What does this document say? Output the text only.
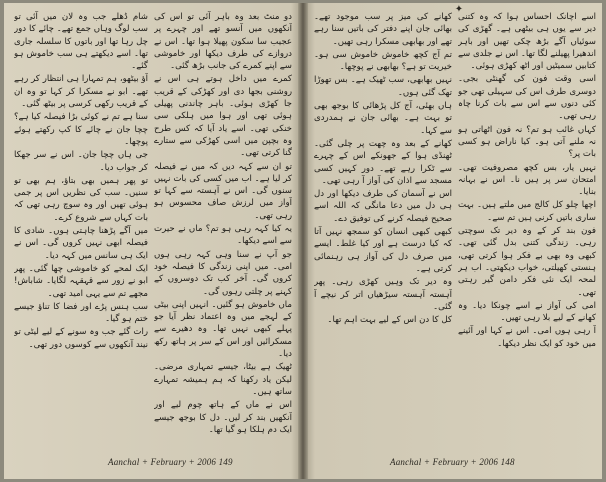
دو منٹ بعد وہ باہر آئی تو اس کی آنکھوں میں آنسو تھے اور چہرے پر عجیب سا سکون پھیلا ہوا تھا۔ اس نے دروازے کی طرف دیکھا اور خاموشی سے اپنے کمرے کی جانب بڑھ گئی۔

کمرے میں داخل ہوتے ہی اس نے روشنی بجھا دی اور کھڑکی کے قریب جا کھڑی ہوئی۔ باہر چاندنی پھیلی ہوئی تھی اور ہوا میں ہلکی سی خنکی تھی۔ اسے یاد آیا کہ کس طرح وہ بچپن میں اسی کھڑکی سے ستارے گنا کرتی تھی۔

تو ان سے کہہ دیں کہ میں نے فیصلہ کر لیا ہے۔ اب میں کسی کی بات نہیں سنوں گی۔ اس نے آہستہ سے کہا تو آواز میں لرزش صاف محسوس ہو رہی تھی۔

یہ کیا کہہ رہی ہو تم؟ ماں نے حیرت سے اسے دیکھا۔

جو آپ نے سنا وہی کہہ رہی ہوں امی۔ میں اپنی زندگی کا فیصلہ خود کروں گی۔ آخر کب تک دوسروں کے کہنے پر چلتی رہوں گی۔

ماں خاموش ہو گئیں۔ انہیں اپنی بیٹی کے لہجے میں وہ اعتماد نظر آیا جو پہلے کبھی نہیں تھا۔ وہ دھیرے سے مسکرائیں اور اس کے سر پر ہاتھ رکھ دیا۔

ٹھیک ہے بیٹا، جیسے تمہاری مرضی۔ لیکن یاد رکھنا کہ ہم ہمیشہ تمہارے ساتھ ہیں۔

اس نے ماں کے ہاتھ چوم لیے اور آنکھیں بند کر لیں۔ دل کا بوجھ جیسے ایک دم ہلکا ہو گیا تھا۔

شام ڈھلے جب وہ لان میں آئی تو سب لوگ وہاں جمع تھے۔ چائے کا دور چل رہا تھا اور باتوں کا سلسلہ جاری تھا۔ اسے دیکھتے ہی سب خاموش ہو گئے۔

آؤ بیٹھو، ہم تمہارا ہی انتظار کر رہے تھے۔ ابو نے مسکرا کر کہا تو وہ ان کے قریب رکھی کرسی پر بیٹھ گئی۔

سنا ہے تم نے کوئی بڑا فیصلہ کیا ہے؟ چچا جان نے چائے کا کپ رکھتے ہوئے پوچھا۔

جی ہاں چچا جان۔ اس نے سر جھکا کر جواب دیا۔

تو پھر ہمیں بھی بتاؤ، ہم بھی تو سنیں۔ سب کی نظریں اس پر جمی ہوئی تھیں اور وہ سوچ رہی تھی کہ بات کہاں سے شروع کرے۔

میں آگے پڑھنا چاہتی ہوں۔ شادی کا فیصلہ ابھی نہیں کروں گی۔ اس نے ایک ہی سانس میں کہہ دیا۔

ایک لمحے کو خاموشی چھا گئی۔ پھر ابو نے زور سے قہقہہ لگایا۔ شاباش! مجھے تم سے یہی امید تھی۔

سب ہنس پڑے اور فضا کا تناؤ جیسے ختم ہو گیا۔

رات گئے جب وہ سونے کے لیے لیٹی تو نیند آنکھوں سے کوسوں دور تھی۔

Aanchal + February + 2006 149
✦

اسے اچانک احساس ہوا کہ وہ کتنی دیر سے یوں ہی بیٹھی ہے۔ گھڑی کی سوئیاں آگے بڑھ چکی تھیں اور باہر اندھیرا پھیلنے لگا تھا۔ اس نے جلدی سے کتابیں سمیٹیں اور اٹھ کھڑی ہوئی۔

اسی وقت فون کی گھنٹی بجی۔ دوسری طرف اس کی سہیلی تھی جو کئی دنوں سے اس سے بات کرنا چاہ رہی تھی۔

کہاں غائب ہو تم؟ نہ فون اٹھاتی ہو نہ ملنے آتی ہو۔ کیا ناراض ہو کسی بات پر؟

نہیں یار، بس کچھ مصروفیت تھی۔ امتحان سر پر ہیں نا۔ اس نے بہانہ بنایا۔

اچھا چلو کل کالج میں ملتے ہیں۔ بہت ساری باتیں کرنی ہیں تم سے۔

فون بند کر کے وہ دیر تک سوچتی رہی۔ زندگی کتنی بدل گئی تھی۔ کبھی وہ بھی بے فکر ہوا کرتی تھی، ہنستی کھیلتی، خواب دیکھتی۔ اب ہر لمحہ ایک نئی فکر دامن گیر رہتی تھی۔

امی کی آواز نے اسے چونکا دیا۔ وہ کھانے کے لیے بلا رہی تھیں۔

آ رہی ہوں امی۔ اس نے کہا اور آئینے میں خود کو ایک نظر دیکھا۔

کھانے کی میز پر سب موجود تھے۔ بھائی جان اپنے دفتر کی باتیں سنا رہے تھے اور بھابھی مسکرا رہی تھیں۔

تم آج کچھ خاموش خاموش سی ہو۔ خیریت تو ہے؟ بھابھی نے پوچھا۔

نہیں بھابھی، سب ٹھیک ہے۔ بس تھوڑا تھک گئی ہوں۔

ہاں بھئی، آج کل پڑھائی کا بوجھ بھی تو بہت ہے۔ بھائی جان نے ہمدردی سے کہا۔

کھانے کے بعد وہ چھت پر چلی گئی۔ ٹھنڈی ہوا کے جھونکے اس کے چہرے سے ٹکرا رہے تھے۔ دور کہیں کسی مسجد سے اذان کی آواز آ رہی تھی۔

اس نے آسمان کی طرف دیکھا اور دل ہی دل میں دعا مانگی کہ اللہ اسے صحیح فیصلہ کرنے کی توفیق دے۔

کبھی کبھی انسان کو سمجھ نہیں آتا کہ کیا درست ہے اور کیا غلط۔ ایسے میں صرف دل کی آواز ہی رہنمائی کرتی ہے۔

وہ دیر تک وہیں کھڑی رہی۔ پھر آہستہ آہستہ سیڑھیاں اتر کر نیچے آ گئی۔

کل کا دن اس کے لیے بہت اہم تھا۔

Aanchal + February + 2006 148
